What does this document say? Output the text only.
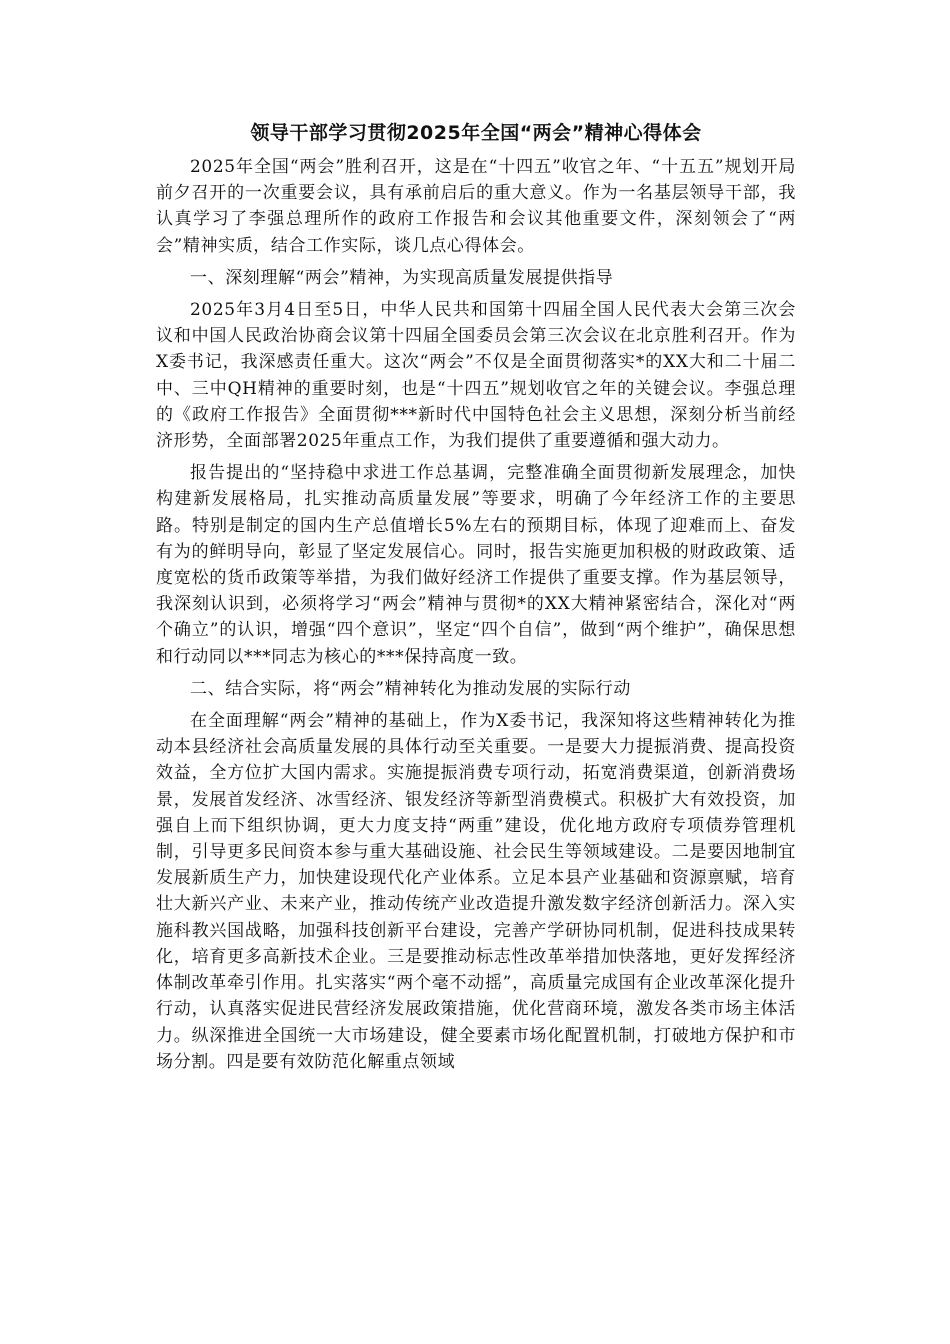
领导干部学习贯彻2025年全国“两会”精神心得体会

2025年全国“两会”胜利召开，这是在“十四五”收官之年、“十五五”规划开局前夕召开的一次重要会议，具有承前启后的重大意义。作为一名基层领导干部，我认真学习了李强总理所作的政府工作报告和会议其他重要文件，深刻领会了“两会”精神实质，结合工作实际，谈几点心得体会。

一、深刻理解“两会”精神，为实现高质量发展提供指导

2025年3月4日至5日，中华人民共和国第十四届全国人民代表大会第三次会议和中国人民政治协商会议第十四届全国委员会第三次会议在北京胜利召开。作为X委书记，我深感责任重大。这次“两会”不仅是全面贯彻落实*的XX大和二十届二中、三中QH精神的重要时刻，也是“十四五”规划收官之年的关键会议。李强总理的《政府工作报告》全面贯彻***新时代中国特色社会主义思想，深刻分析当前经济形势，全面部署2025年重点工作，为我们提供了重要遵循和强大动力。

报告提出的“坚持稳中求进工作总基调，完整准确全面贯彻新发展理念，加快构建新发展格局，扎实推动高质量发展”等要求，明确了今年经济工作的主要思路。特别是制定的国内生产总值增长5%左右的预期目标，体现了迎难而上、奋发有为的鲜明导向，彰显了坚定发展信心。同时，报告实施更加积极的财政政策、适度宽松的货币政策等举措，为我们做好经济工作提供了重要支撑。作为基层领导，我深刻认识到，必须将学习“两会”精神与贯彻*的XX大精神紧密结合，深化对“两个确立”的认识，增强“四个意识”，坚定“四个自信”，做到“两个维护”，确保思想和行动同以***同志为核心的***保持高度一致。

二、结合实际，将“两会”精神转化为推动发展的实际行动

在全面理解“两会”精神的基础上，作为X委书记，我深知将这些精神转化为推动本县经济社会高质量发展的具体行动至关重要。一是要大力提振消费、提高投资效益，全方位扩大国内需求。实施提振消费专项行动，拓宽消费渠道，创新消费场景，发展首发经济、冰雪经济、银发经济等新型消费模式。积极扩大有效投资，加强自上而下组织协调，更大力度支持“两重”建设，优化地方政府专项债券管理机制，引导更多民间资本参与重大基础设施、社会民生等领域建设。二是要因地制宜发展新质生产力，加快建设现代化产业体系。立足本县产业基础和资源禀赋，培育壮大新兴产业、未来产业，推动传统产业改造提升激发数字经济创新活力。深入实施科教兴国战略，加强科技创新平台建设，完善产学研协同机制，促进科技成果转化，培育更多高新技术企业。三是要推动标志性改革举措加快落地，更好发挥经济体制改革牵引作用。扎实落实“两个毫不动摇”，高质量完成国有企业改革深化提升行动，认真落实促进民营经济发展政策措施，优化营商环境，激发各类市场主体活力。纵深推进全国统一大市场建设，健全要素市场化配置机制，打破地方保护和市场分割。四是要有效防范化解重点领域
